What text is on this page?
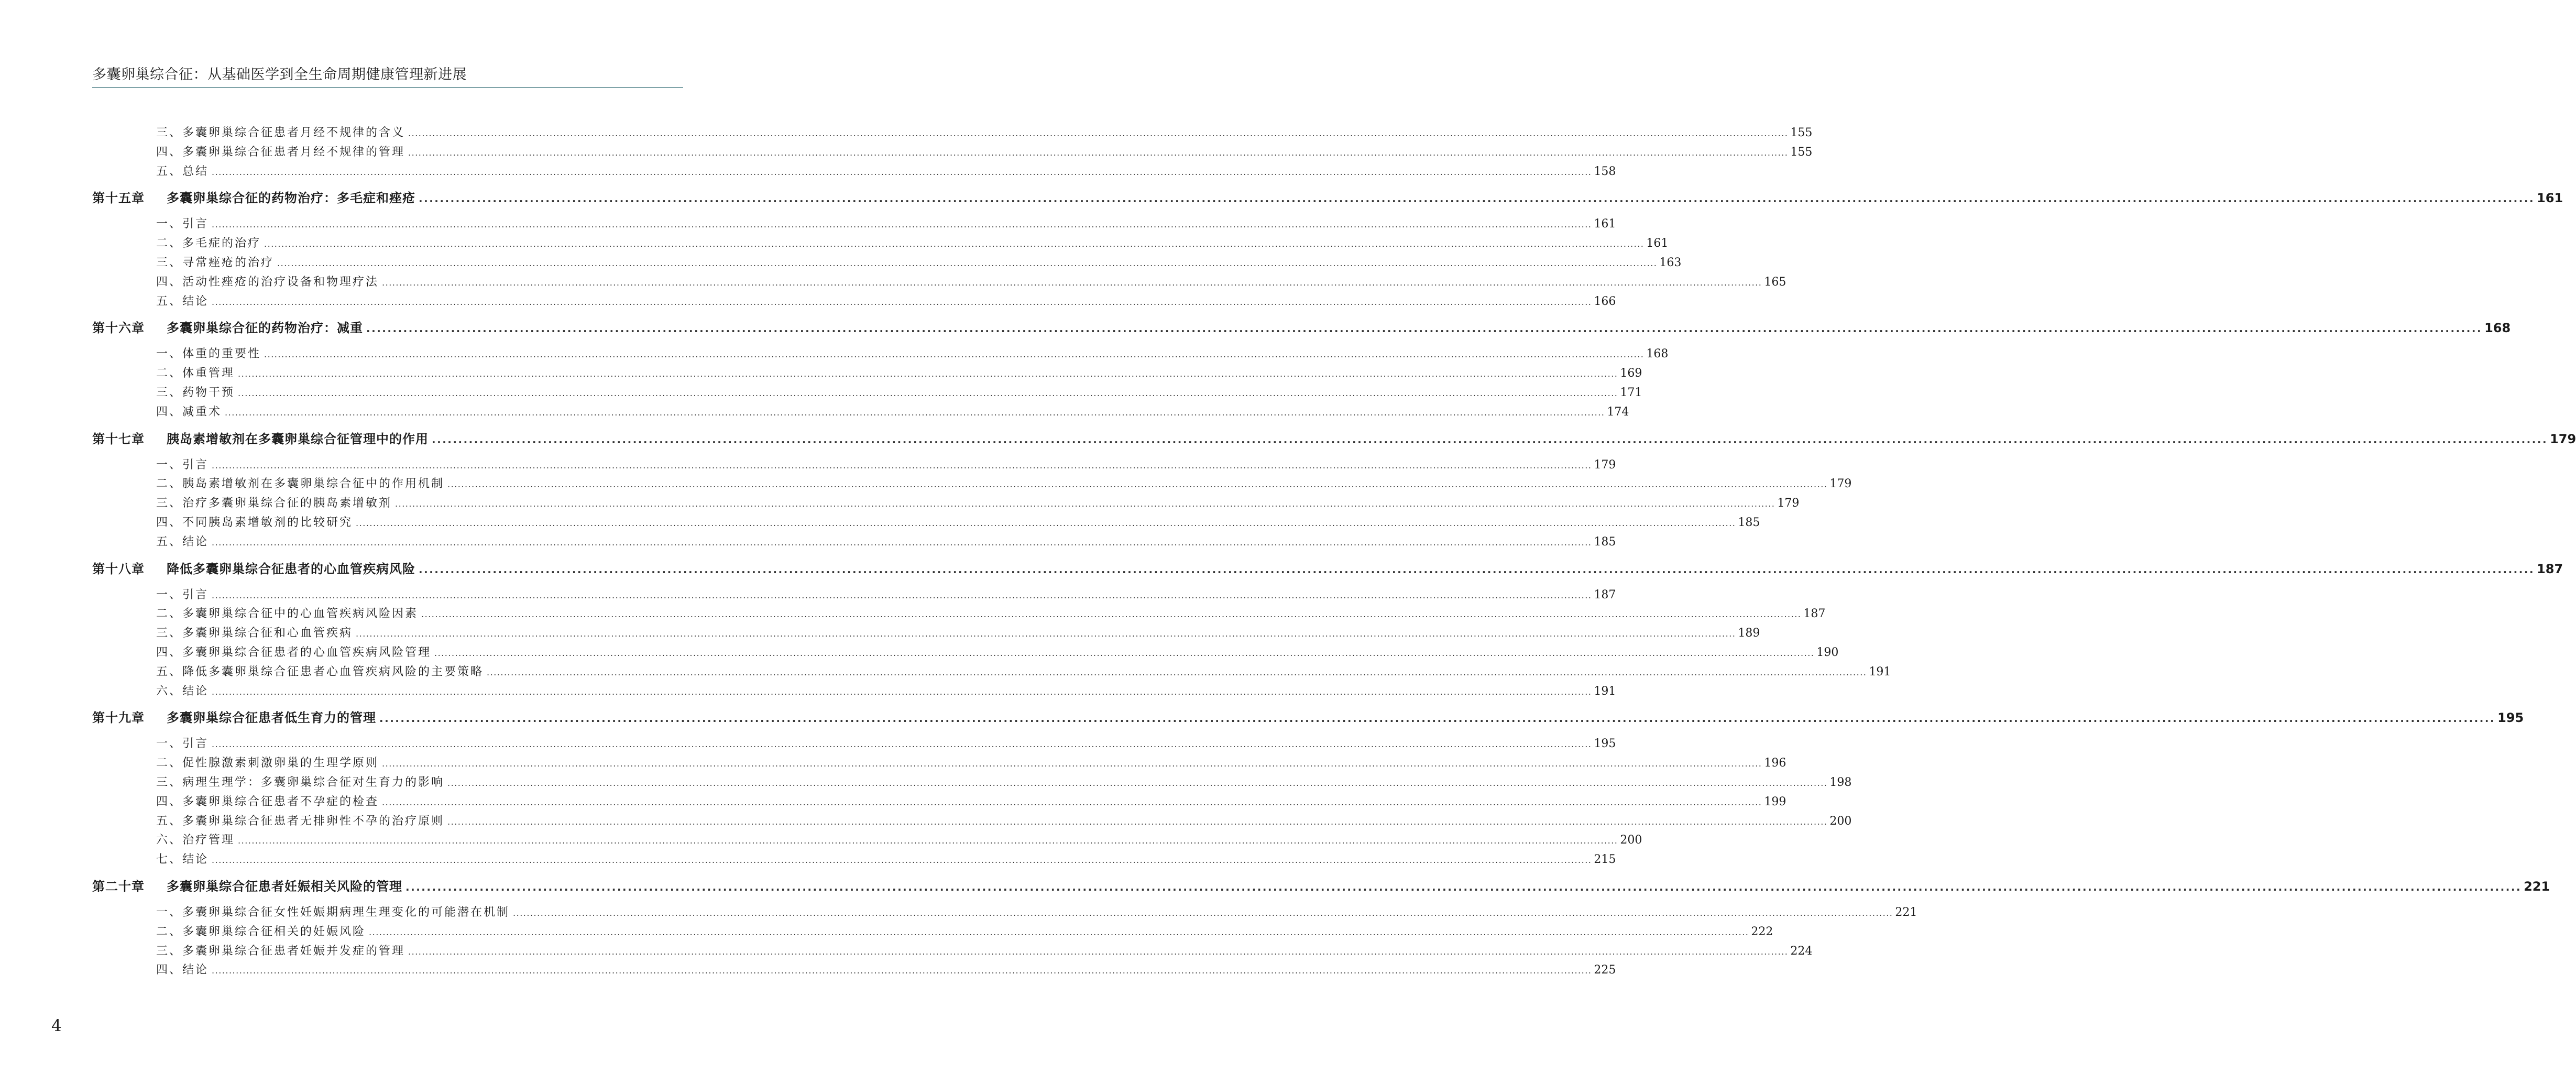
多囊卵巢综合征：从基础医学到全生命周期健康管理新进展
三、多囊卵巢综合征患者月经不规律的含义 ................................................................................................................................................................................................................................................................................................................................................................................................................ 155
四、多囊卵巢综合征患者月经不规律的管理 ................................................................................................................................................................................................................................................................................................................................................................................................................ 155
五、总结 ................................................................................................................................................................................................................................................................................................................................................................................................................ 158
第十五章	多囊卵巢综合征的药物治疗：多毛症和痤疮 ................................................................................................................................................................................................................................................................................................................................................................................................................ 161
一、引言 ................................................................................................................................................................................................................................................................................................................................................................................................................ 161
二、多毛症的治疗 ................................................................................................................................................................................................................................................................................................................................................................................................................ 161
三、寻常痤疮的治疗 ................................................................................................................................................................................................................................................................................................................................................................................................................ 163
四、活动性痤疮的治疗设备和物理疗法 ................................................................................................................................................................................................................................................................................................................................................................................................................ 165
五、结论 ................................................................................................................................................................................................................................................................................................................................................................................................................ 166
第十六章	多囊卵巢综合征的药物治疗：减重 ................................................................................................................................................................................................................................................................................................................................................................................................................ 168
一、体重的重要性 ................................................................................................................................................................................................................................................................................................................................................................................................................ 168
二、体重管理 ................................................................................................................................................................................................................................................................................................................................................................................................................ 169
三、药物干预 ................................................................................................................................................................................................................................................................................................................................................................................................................ 171
四、减重术 ................................................................................................................................................................................................................................................................................................................................................................................................................ 174
第十七章	胰岛素增敏剂在多囊卵巢综合征管理中的作用 ................................................................................................................................................................................................................................................................................................................................................................................................................ 179
一、引言 ................................................................................................................................................................................................................................................................................................................................................................................................................ 179
二、胰岛素增敏剂在多囊卵巢综合征中的作用机制 ................................................................................................................................................................................................................................................................................................................................................................................................................ 179
三、治疗多囊卵巢综合征的胰岛素增敏剂 ................................................................................................................................................................................................................................................................................................................................................................................................................ 179
四、不同胰岛素增敏剂的比较研究 ................................................................................................................................................................................................................................................................................................................................................................................................................ 185
五、结论 ................................................................................................................................................................................................................................................................................................................................................................................................................ 185
第十八章	降低多囊卵巢综合征患者的心血管疾病风险 ................................................................................................................................................................................................................................................................................................................................................................................................................ 187
一、引言 ................................................................................................................................................................................................................................................................................................................................................................................................................ 187
二、多囊卵巢综合征中的心血管疾病风险因素 ................................................................................................................................................................................................................................................................................................................................................................................................................ 187
三、多囊卵巢综合征和心血管疾病 ................................................................................................................................................................................................................................................................................................................................................................................................................ 189
四、多囊卵巢综合征患者的心血管疾病风险管理 ................................................................................................................................................................................................................................................................................................................................................................................................................ 190
五、降低多囊卵巢综合征患者心血管疾病风险的主要策略 ................................................................................................................................................................................................................................................................................................................................................................................................................ 191
六、结论 ................................................................................................................................................................................................................................................................................................................................................................................................................ 191
第十九章	多囊卵巢综合征患者低生育力的管理 ................................................................................................................................................................................................................................................................................................................................................................................................................ 195
一、引言 ................................................................................................................................................................................................................................................................................................................................................................................................................ 195
二、促性腺激素刺激卵巢的生理学原则 ................................................................................................................................................................................................................................................................................................................................................................................................................ 196
三、病理生理学：多囊卵巢综合征对生育力的影响 ................................................................................................................................................................................................................................................................................................................................................................................................................ 198
四、多囊卵巢综合征患者不孕症的检查 ................................................................................................................................................................................................................................................................................................................................................................................................................ 199
五、多囊卵巢综合征患者无排卵性不孕的治疗原则 ................................................................................................................................................................................................................................................................................................................................................................................................................ 200
六、治疗管理 ................................................................................................................................................................................................................................................................................................................................................................................................................ 200
七、结论 ................................................................................................................................................................................................................................................................................................................................................................................................................ 215
第二十章	多囊卵巢综合征患者妊娠相关风险的管理 ................................................................................................................................................................................................................................................................................................................................................................................................................ 221
一、多囊卵巢综合征女性妊娠期病理生理变化的可能潜在机制 ................................................................................................................................................................................................................................................................................................................................................................................................................ 221
二、多囊卵巢综合征相关的妊娠风险 ................................................................................................................................................................................................................................................................................................................................................................................................................ 222
三、多囊卵巢综合征患者妊娠并发症的管理 ................................................................................................................................................................................................................................................................................................................................................................................................................ 224
四、结论 ................................................................................................................................................................................................................................................................................................................................................................................................................ 225
4
